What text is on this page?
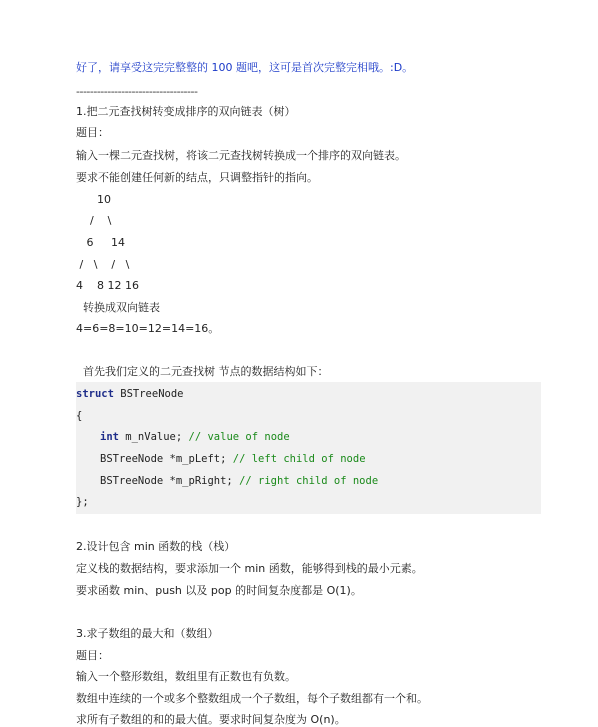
好了，请享受这完完整整的 100 题吧，这可是首次完整完相哦。:D。
-----------------------------------
1.把二元查找树转变成排序的双向链表（树）
题目：
输入一棵二元查找树，将该二元查找树转换成一个排序的双向链表。
要求不能创建任何新的结点，只调整指针的指向。
10
/    \
6     14
/   \    /   \
4    8 12 16
转换成双向链表
4=6=8=10=12=14=16。
首先我们定义的二元查找树 节点的数据结构如下：
struct BSTreeNode
{
int m_nValue; // value of node
BSTreeNode *m_pLeft; // left child of node
BSTreeNode *m_pRight; // right child of node
};
2.设计包含 min 函数的栈（栈）
定义栈的数据结构，要求添加一个 min 函数，能够得到栈的最小元素。
要求函数 min、push 以及 pop 的时间复杂度都是 O(1)。
3.求子数组的最大和（数组）
题目：
输入一个整形数组，数组里有正数也有负数。
数组中连续的一个或多个整数组成一个子数组，每个子数组都有一个和。
求所有子数组的和的最大值。要求时间复杂度为 O(n)。
